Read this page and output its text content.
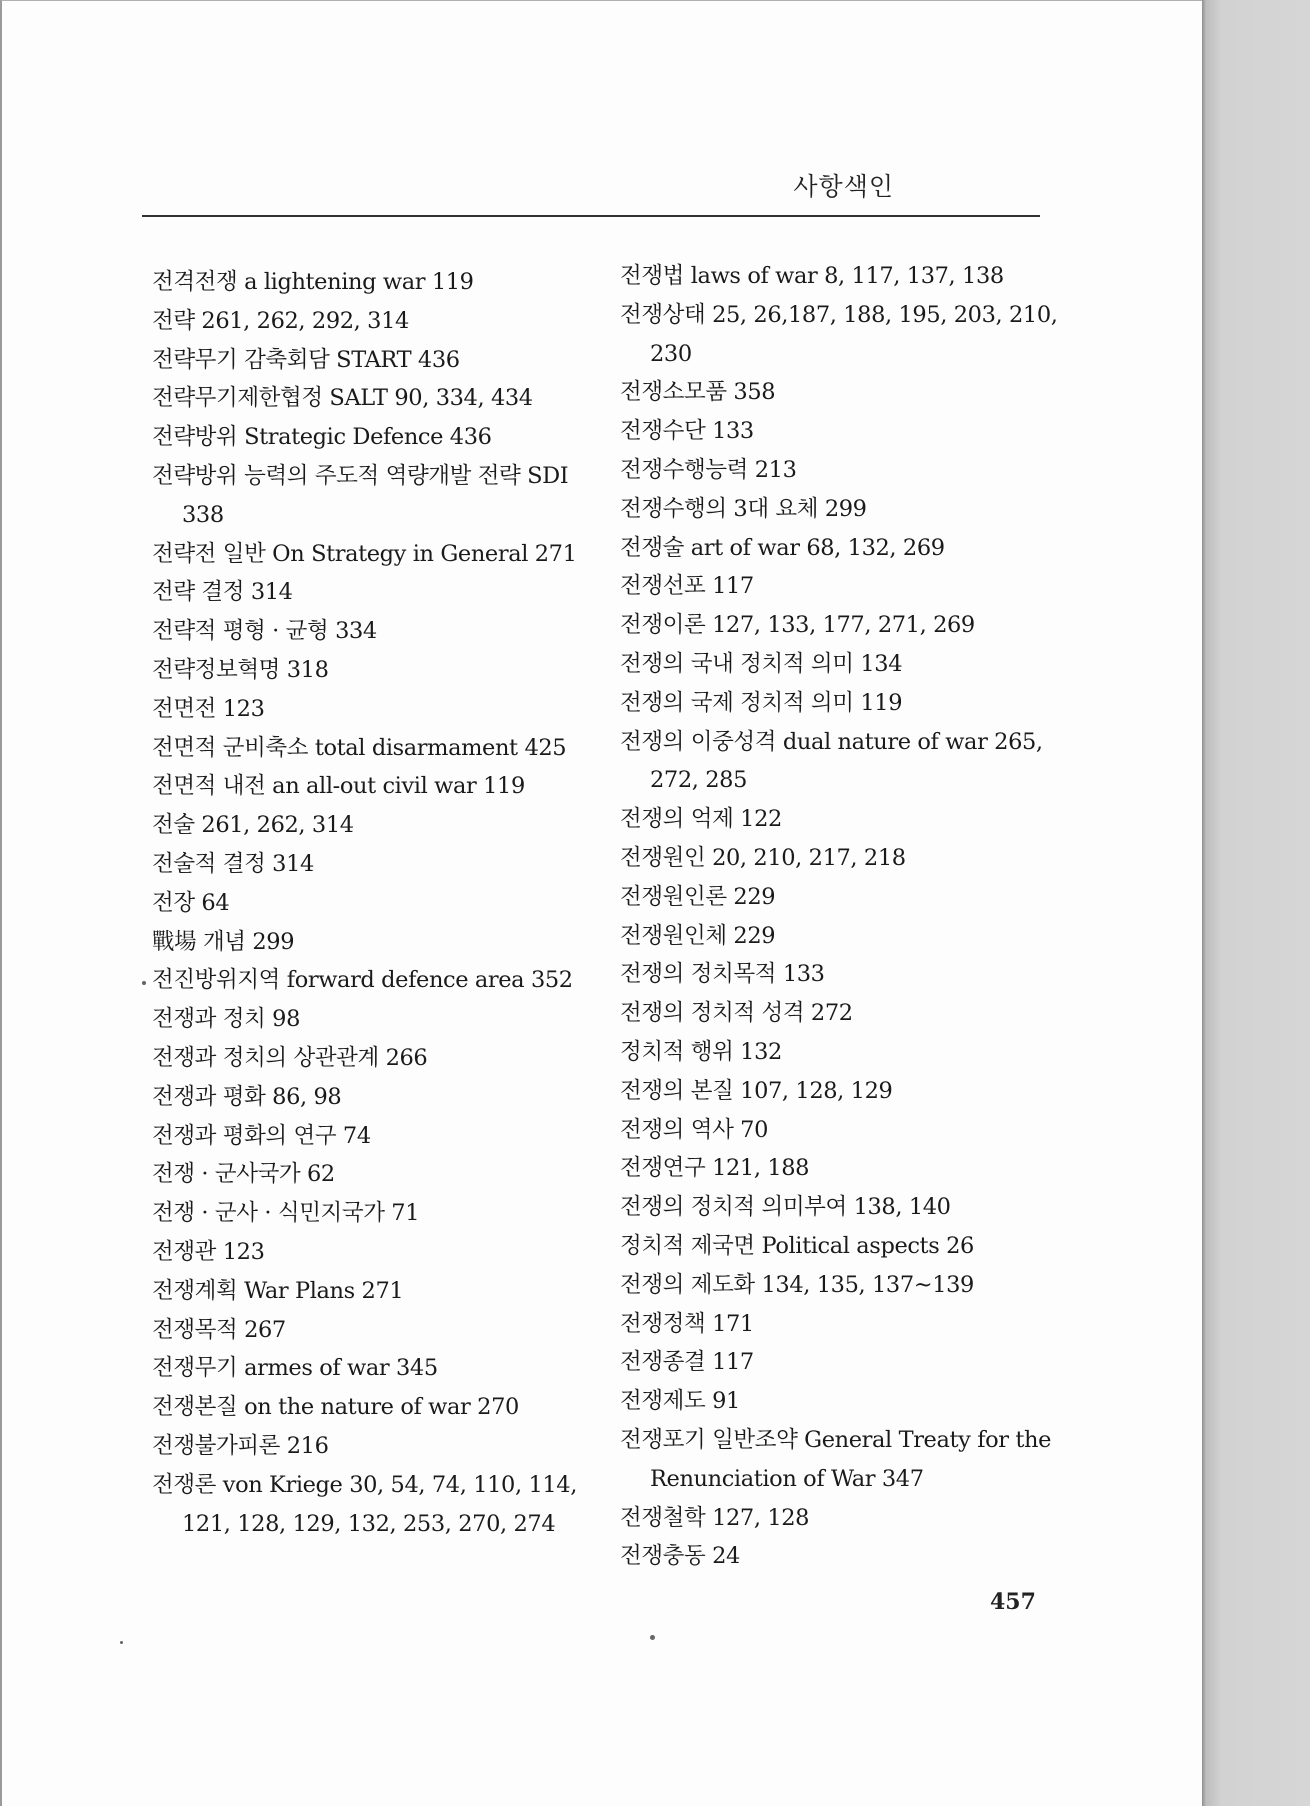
사항색인
전격전쟁 a lightening war 119
전략 261, 262, 292, 314
전략무기 감축회담 START 436
전략무기제한협정 SALT 90, 334, 434
전략방위 Strategic Defence 436
전략방위 능력의 주도적 역량개발 전략 SDI 338
전략전 일반 On Strategy in General 271
전략 결정 314
전략적 평형 · 균형 334
전략정보혁명 318
전면전 123
전면적 군비축소 total disarmament 425
전면적 내전 an all-out civil war 119
전술 261, 262, 314
전술적 결정 314
전장 64
戰場 개념 299
전진방위지역 forward defence area 352
전쟁과 정치 98
전쟁과 정치의 상관관계 266
전쟁과 평화 86, 98
전쟁과 평화의 연구 74
전쟁 · 군사국가 62
전쟁 · 군사 · 식민지국가 71
전쟁관 123
전쟁계획 War Plans 271
전쟁목적 267
전쟁무기 armes of war 345
전쟁본질 on the nature of war 270
전쟁불가피론 216
전쟁론 von Kriege 30, 54, 74, 110, 114, 121, 128, 129, 132, 253, 270, 274
전쟁법 laws of war 8, 117, 137, 138
전쟁상태 25, 26,187, 188, 195, 203, 210, 230
전쟁소모품 358
전쟁수단 133
전쟁수행능력 213
전쟁수행의 3대 요체 299
전쟁술 art of war 68, 132, 269
전쟁선포 117
전쟁이론 127, 133, 177, 271, 269
전쟁의 국내 정치적 의미 134
전쟁의 국제 정치적 의미 119
전쟁의 이중성격 dual nature of war 265, 272, 285
전쟁의 억제 122
전쟁원인 20, 210, 217, 218
전쟁원인론 229
전쟁원인체 229
전쟁의 정치목적 133
전쟁의 정치적 성격 272
정치적 행위 132
전쟁의 본질 107, 128, 129
전쟁의 역사 70
전쟁연구 121, 188
전쟁의 정치적 의미부여 138, 140
정치적 제국면 Political aspects 26
전쟁의 제도화 134, 135, 137~139
전쟁정책 171
전쟁종결 117
전쟁제도 91
전쟁포기 일반조약 General Treaty for the Renunciation of War 347
전쟁철학 127, 128
전쟁충동 24
457
